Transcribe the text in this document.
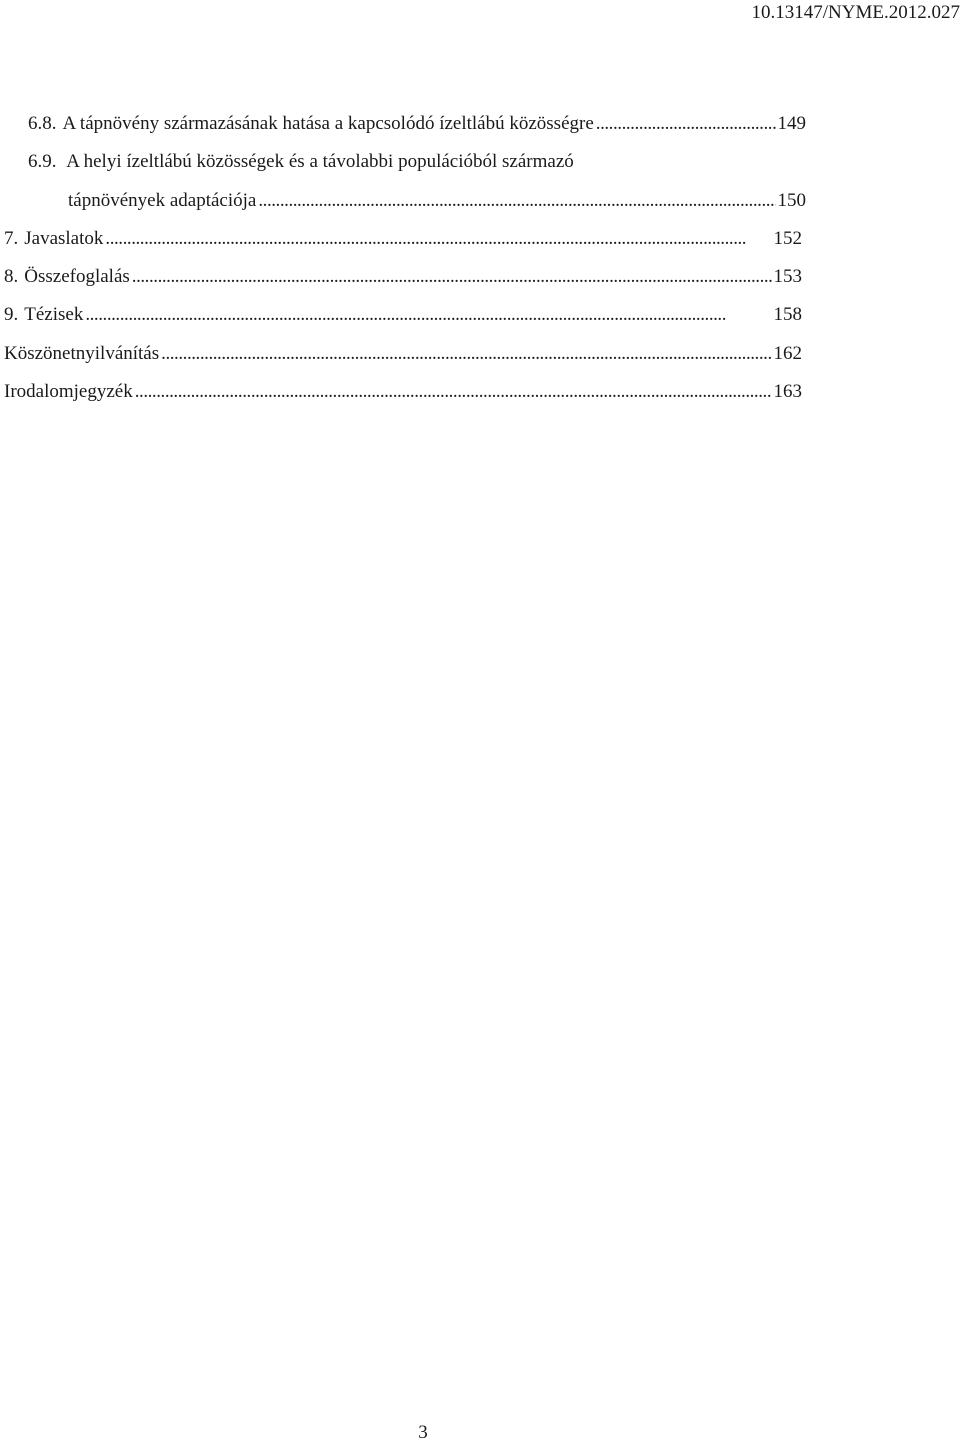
10.13147/NYME.2012.027
6.8. A tápnövény származásának hatása a kapcsolódó ízeltlábú közösségre . . .	149
6.9. A helyi ízeltlábú közösségek és a távolabbi populációból származó
tápnövények adaptációja . . .	150
7. Javaslatok . . .	152
8. Összefoglalás . . .	153
9. Tézisek . . .	158
Köszönetnyilvánítás . . .	162
Irodalomjegyzék . . .	163
3
